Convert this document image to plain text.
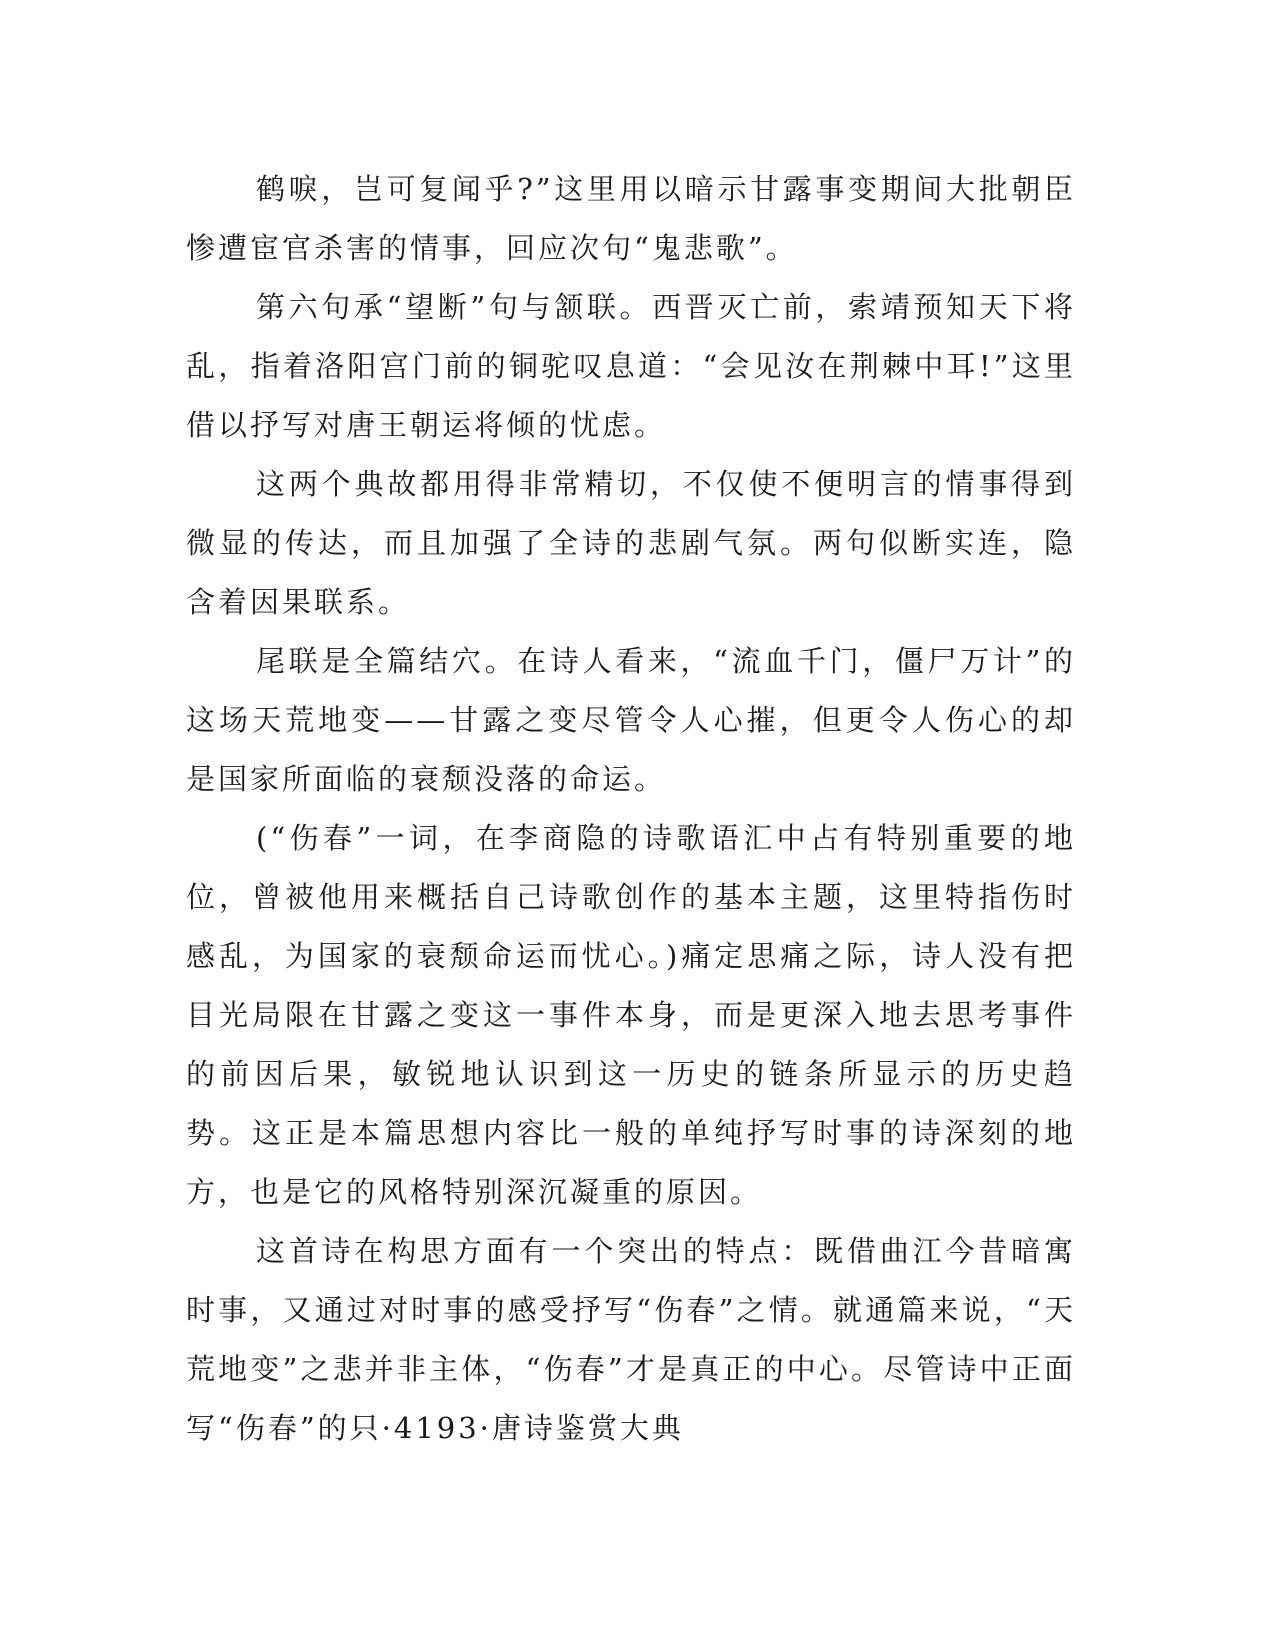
鹤唳，岂可复闻乎?”这里用以暗示甘露事变期间大批朝臣惨遭宦官杀害的情事，回应次句“鬼悲歌”。

第六句承“望断”句与颔联。西晋灭亡前，索靖预知天下将乱，指着洛阳宫门前的铜驼叹息道：“会见汝在荆棘中耳!”这里借以抒写对唐王朝运将倾的忧虑。

这两个典故都用得非常精切，不仅使不便明言的情事得到微显的传达，而且加强了全诗的悲剧气氛。两句似断实连，隐含着因果联系。

尾联是全篇结穴。在诗人看来，“流血千门，僵尸万计”的这场天荒地变——甘露之变尽管令人心摧，但更令人伤心的却是国家所面临的衰颓没落的命运。

(“伤春”一词，在李商隐的诗歌语汇中占有特别重要的地位，曾被他用来概括自己诗歌创作的基本主题，这里特指伤时感乱，为国家的衰颓命运而忧心。)痛定思痛之际，诗人没有把目光局限在甘露之变这一事件本身，而是更深入地去思考事件的前因后果，敏锐地认识到这一历史的链条所显示的历史趋势。这正是本篇思想内容比一般的单纯抒写时事的诗深刻的地方，也是它的风格特别深沉凝重的原因。

这首诗在构思方面有一个突出的特点：既借曲江今昔暗寓时事，又通过对时事的感受抒写“伤春”之情。就通篇来说，“天荒地变”之悲并非主体，“伤春”才是真正的中心。尽管诗中正面写“伤春”的只·4193·唐诗鉴赏大典
